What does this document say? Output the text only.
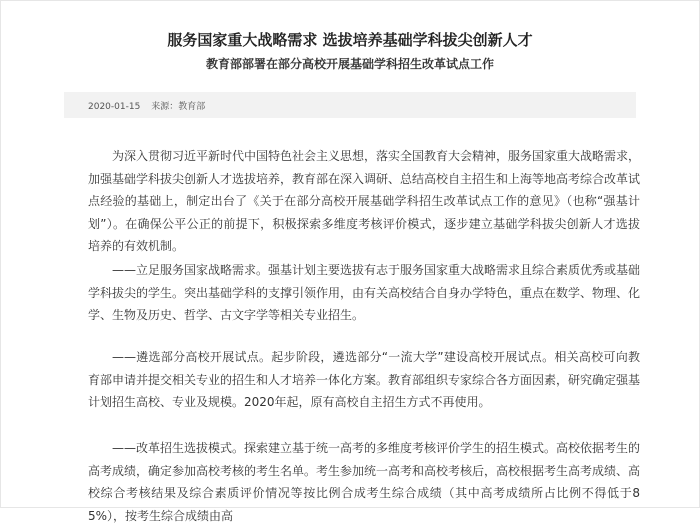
服务国家重大战略需求 选拔培养基础学科拔尖创新人才
教育部部署在部分高校开展基础学科招生改革试点工作
2020-01-15 来源：教育部
为深入贯彻习近平新时代中国特色社会主义思想，落实全国教育大会精神，服务国家重大战略需求，加强基础学科拔尖创新人才选拔培养，教育部在深入调研、总结高校自主招生和上海等地高考综合改革试点经验的基础上，制定出台了《关于在部分高校开展基础学科招生改革试点工作的意见》（也称“强基计划”）。在确保公平公正的前提下，积极探索多维度考核评价模式，逐步建立基础学科拔尖创新人才选拔培养的有效机制。
——立足服务国家战略需求。强基计划主要选拔有志于服务国家重大战略需求且综合素质优秀或基础学科拔尖的学生。突出基础学科的支撑引领作用，由有关高校结合自身办学特色，重点在数学、物理、化学、生物及历史、哲学、古文字学等相关专业招生。
——遴选部分高校开展试点。起步阶段，遴选部分“一流大学”建设高校开展试点。相关高校可向教育部申请并提交相关专业的招生和人才培养一体化方案。教育部组织专家综合各方面因素，研究确定强基计划招生高校、专业及规模。2020年起，原有高校自主招生方式不再使用。
——改革招生选拔模式。探索建立基于统一高考的多维度考核评价学生的招生模式。高校依据考生的高考成绩，确定参加高校考核的考生名单。考生参加统一高考和高校考核后，高校根据考生高考成绩、高校综合考核结果及综合素质评价情况等按比例合成考生综合成绩（其中高考成绩所占比例不得低于85%），按考生综合成绩由高
